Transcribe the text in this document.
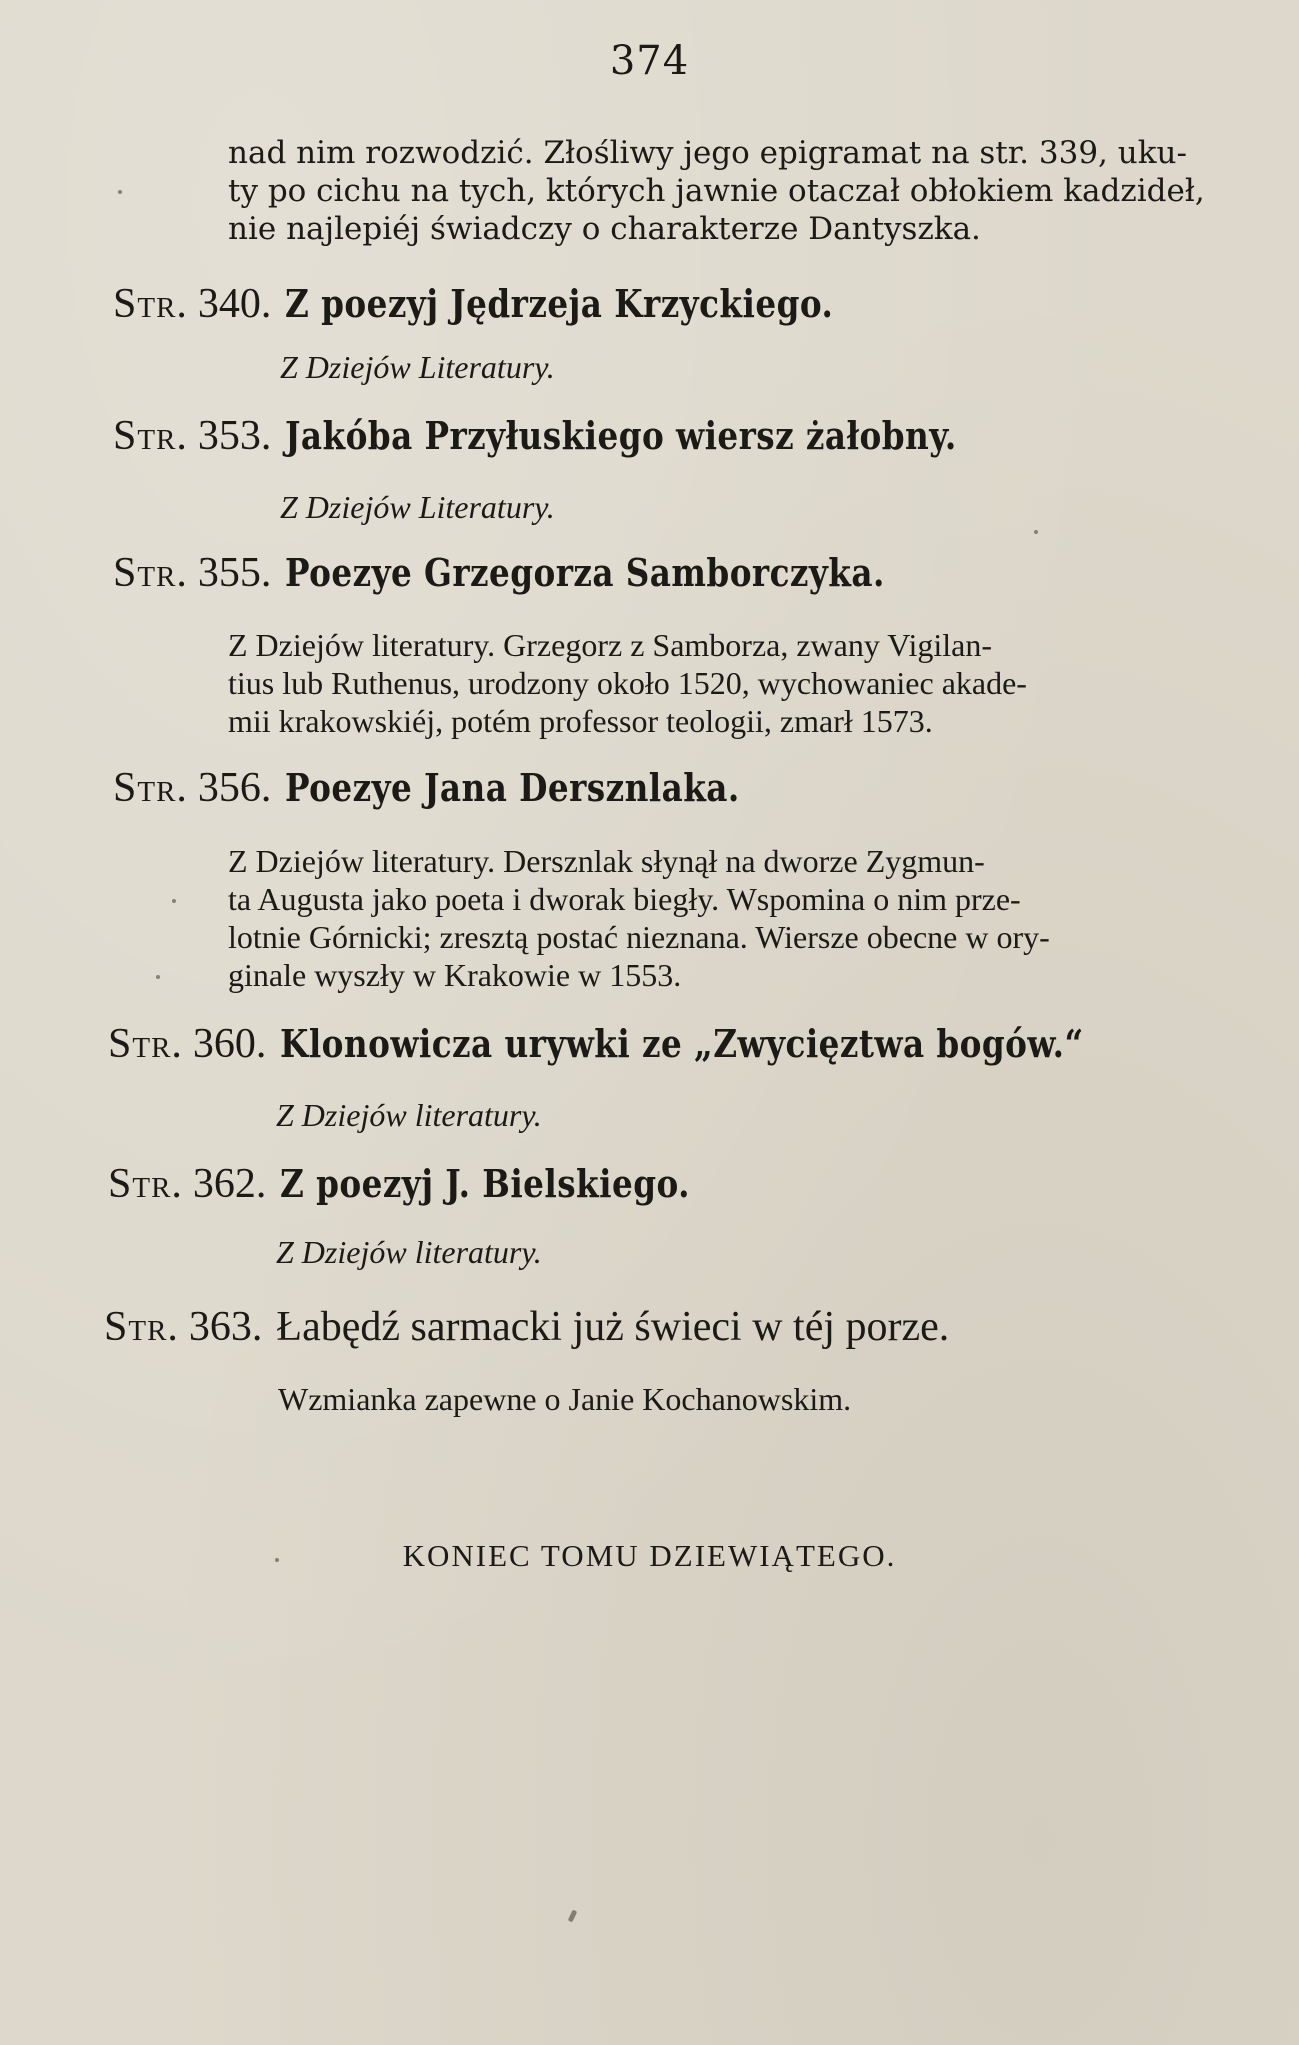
374
nad nim rozwodzić. Złośliwy jego epigramat na str. 339, uku-
ty po cichu na tych, których jawnie otaczał obłokiem kadzideł,
nie najlepiéj świadczy o charakterze Dantyszka.
Str. 340. Z poezyj Jędrzeja Krzyckiego.
Z Dziejów Literatury.
Str. 353. Jakóba Przyłuskiego wiersz żałobny.
Z Dziejów Literatury.
Str. 355. Poezye Grzegorza Samborczyka.
Z Dziejów literatury. Grzegorz z Samborza, zwany Vigilan-
tius lub Ruthenus, urodzony około 1520, wychowaniec akade-
mii krakowskiéj, potém professor teologii, zmarł 1573.
Str. 356. Poezye Jana Dersznlaka.
Z Dziejów literatury. Dersznlak słynął na dworze Zygmun-
ta Augusta jako poeta i dworak biegły. Wspomina o nim prze-
lotnie Górnicki; zresztą postać nieznana. Wiersze obecne w ory-
ginale wyszły w Krakowie w 1553.
Str. 360. Klonowicza urywki ze „Zwycięztwa bogów.“
Z Dziejów literatury.
Str. 362. Z poezyj J. Bielskiego.
Z Dziejów literatury.
Str. 363. Łabędź sarmacki już świeci w téj porze.
Wzmianka zapewne o Janie Kochanowskim.
KONIEC TOMU DZIEWIĄTEGO.
